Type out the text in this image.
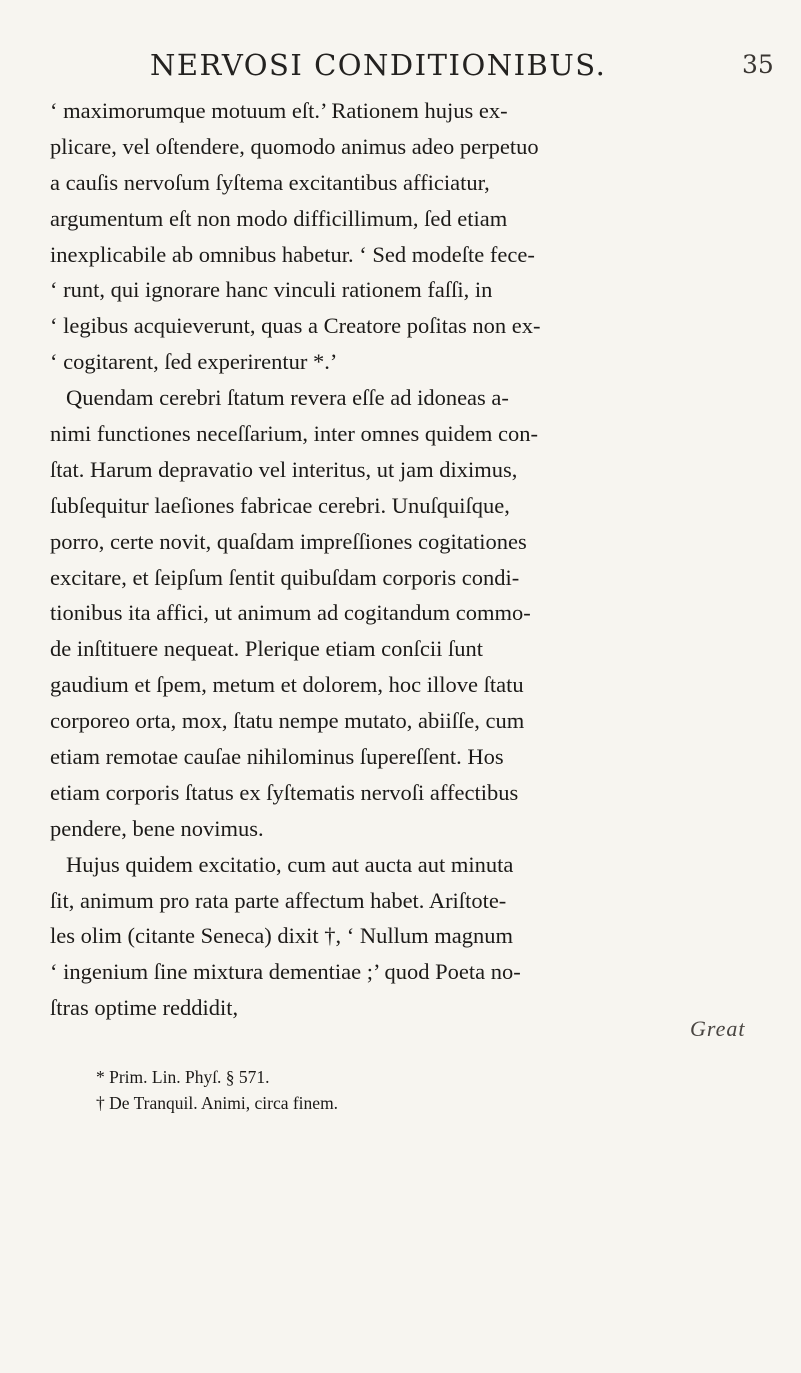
NERVOSI CONDITIONIBUS.	35
‘ maximorumque motuum eſt.’ Rationem hujus ex-
plicare, vel oſtendere, quomodo animus adeo perpetuo
a cauſis nervoſum ſyſtema excitantibus afficiatur,
argumentum eſt non modo difficillimum, ſed etiam
inexplicabile ab omnibus habetur. ‘ Sed modeſte fece-
‘ runt, qui ignorare hanc vinculi rationem faſſi, in
‘ legibus acquieverunt, quas a Creatore poſitas non ex-
‘ cogitarent, ſed experirentur *.’
Quendam cerebri ſtatum revera eſſe ad idoneas a-
nimi functiones neceſſarium, inter omnes quidem con-
ſtat. Harum depravatio vel interitus, ut jam diximus,
ſubſequitur laeſiones fabricae cerebri. Unuſquiſque,
porro, certe novit, quaſdam impreſſiones cogitationes
excitare, et ſeipſum ſentit quibuſdam corporis condi-
tionibus ita affici, ut animum ad cogitandum commo-
de inſtituere nequeat. Plerique etiam conſcii ſunt
gaudium et ſpem, metum et dolorem, hoc illove ſtatu
corporeo orta, mox, ſtatu nempe mutato, abiiſſe, cum
etiam remotae cauſae nihilominus ſupereſſent. Hos
etiam corporis ſtatus ex ſyſtematis nervoſi affectibus
pendere, bene novimus.
Hujus quidem excitatio, cum aut aucta aut minuta
ſit, animum pro rata parte affectum habet. Ariſtote-
les olim (citante Seneca) dixit †, ‘ Nullum magnum
‘ ingenium ſine mixtura dementiae ;’ quod Poeta no-
ſtras optime reddidit,
Great
* Prim. Lin. Phyſ. § 571.
† De Tranquil. Animi, circa finem.
